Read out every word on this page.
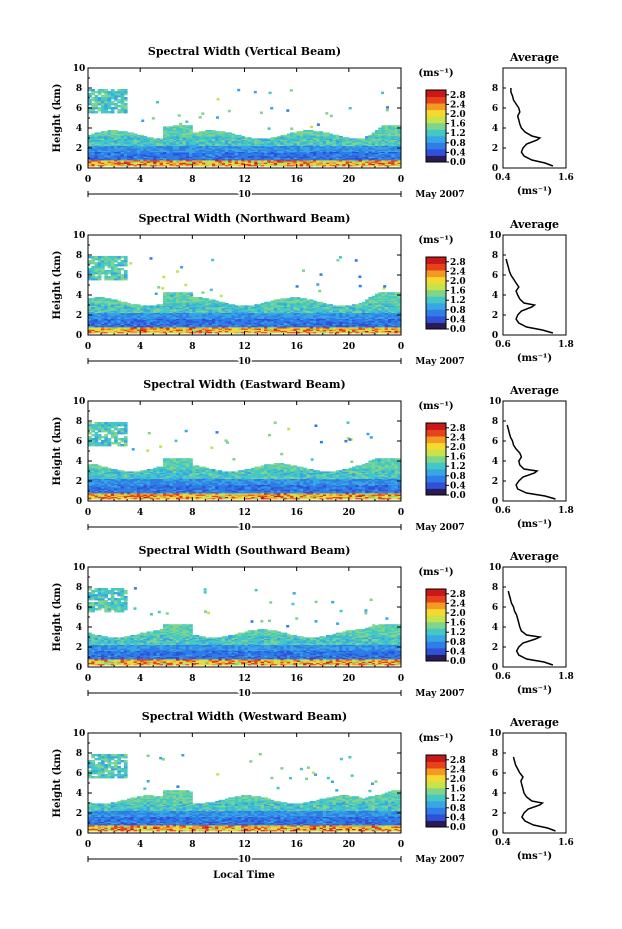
Spectral Width (Vertical Beam)
0
2
4
6
8
10
0	4	8	12	16	20	0
Height (km)
10	May 2007
(ms⁻¹)
0.0
0.4
0.8
1.2
1.6
2.0
2.4
2.8
Average
0
2
4
6
8
0.4	1.6
(ms⁻¹)
Spectral Width (Northward Beam)
0
2
4
6
8
10
0	4	8	12	16	20	0
Height (km)
10	May 2007
(ms⁻¹)
0.0
0.4
0.8
1.2
1.6
2.0
2.4
2.8
Average
0
2
4
6
8
10
0.6	1.8
(ms⁻¹)
Spectral Width (Eastward Beam)
0
2
4
6
8
10
0	4	8	12	16	20	0
Height (km)
10	May 2007
(ms⁻¹)
0.0
0.4
0.8
1.2
1.6
2.0
2.4
2.8
Average
0
2
4
6
8
10
0.6	1.8
(ms⁻¹)
Spectral Width (Southward Beam)
0
2
4
6
8
10
0	4	8	12	16	20	0
Height (km)
10	May 2007
(ms⁻¹)
0.0
0.4
0.8
1.2
1.6
2.0
2.4
2.8
Average
0
2
4
6
8
10
0.6	1.8
(ms⁻¹)
Spectral Width (Westward Beam)
0
2
4
6
8
10
0	4	8	12	16	20	0
Height (km)
10	May 2007
(ms⁻¹)
0.0
0.4
0.8
1.2
1.6
2.0
2.4
2.8
Average
0
2
4
6
8
10
0.4	1.6
(ms⁻¹)
Local Time
